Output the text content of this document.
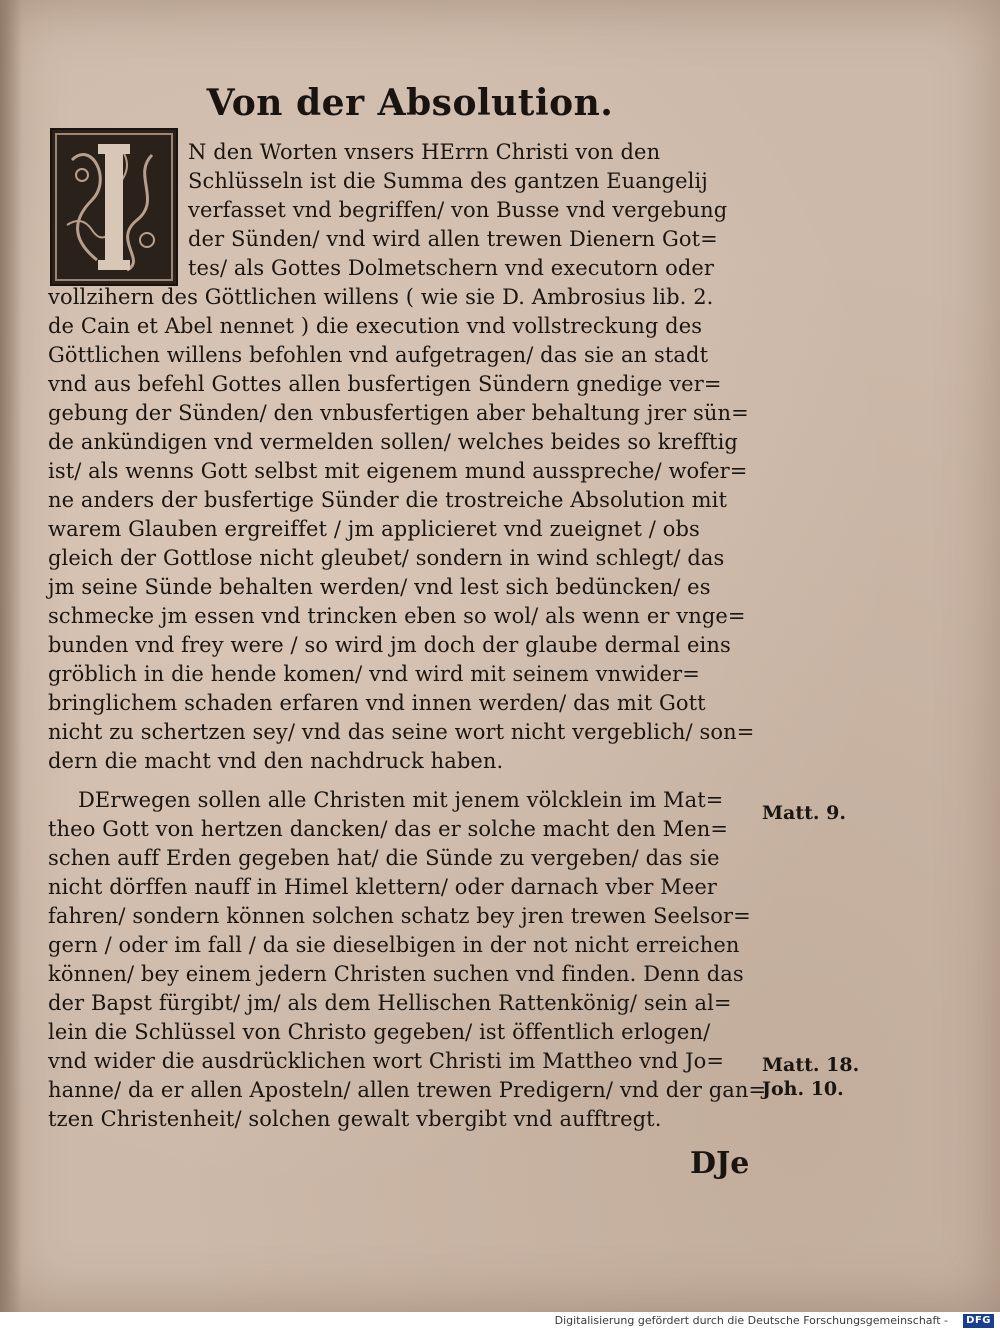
Von der Absolution.
N den Worten vnsers HErrn Christi von den
Schlüsseln ist die Summa des gantzen Euangelij
verfasset vnd begriffen/ von Busse vnd vergebung
der Sünden/ vnd wird allen trewen Dienern Got=
tes/ als Gottes Dolmetschern vnd executorn oder
vollzihern des Göttlichen willens ( wie sie D. Ambrosius lib. 2.
de Cain et Abel nennet ) die execution vnd vollstreckung des
Göttlichen willens befohlen vnd aufgetragen/ das sie an stadt
vnd aus befehl Gottes allen busfertigen Sündern gnedige ver=
gebung der Sünden/ den vnbusfertigen aber behaltung jrer sün=
de ankündigen vnd vermelden sollen/ welches beides so krefftig
ist/ als wenns Gott selbst mit eigenem mund ausspreche/ wofer=
ne anders der busfertige Sünder die trostreiche Absolution mit
warem Glauben ergreiffet / jm applicieret vnd zueignet / obs
gleich der Gottlose nicht gleubet/ sondern in wind schlegt/ das
jm seine Sünde behalten werden/ vnd lest sich bedüncken/ es
schmecke jm essen vnd trincken eben so wol/ als wenn er vnge=
bunden vnd frey were / so wird jm doch der glaube dermal eins
gröblich in die hende komen/ vnd wird mit seinem vnwider=
bringlichem schaden erfaren vnd innen werden/ das mit Gott
nicht zu schertzen sey/ vnd das seine wort nicht vergeblich/ son=
dern die macht vnd den nachdruck haben.
DErwegen sollen alle Christen mit jenem völcklein im Mat=
theo Gott von hertzen dancken/ das er solche macht den Men=
schen auff Erden gegeben hat/ die Sünde zu vergeben/ das sie
nicht dörffen nauff in Himel klettern/ oder darnach vber Meer
fahren/ sondern können solchen schatz bey jren trewen Seelsor=
gern / oder im fall / da sie dieselbigen in der not nicht erreichen
können/ bey einem jedern Christen suchen vnd finden. Denn das
der Bapst fürgibt/ jm/ als dem Hellischen Rattenkönig/ sein al=
lein die Schlüssel von Christo gegeben/ ist öffentlich erlogen/
vnd wider die ausdrücklichen wort Christi im Mattheo vnd Jo=
hanne/ da er allen Aposteln/ allen trewen Predigern/ vnd der gan=
tzen Christenheit/ solchen gewalt vbergibt vnd aufftregt.
Matt. 9.
Matt. 18.
Joh. 10.
DJe
Digitalisierung gefördert durch die Deutsche Forschungsgemeinschaft -	DFG
